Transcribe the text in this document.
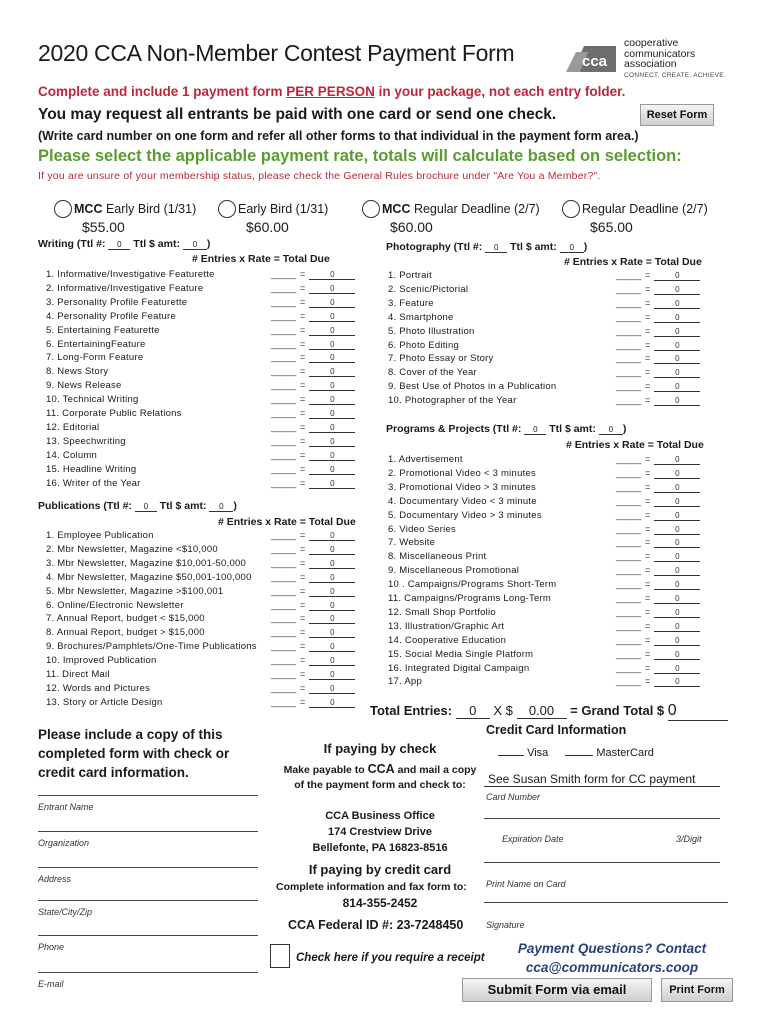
2020 CCA Non-Member Contest Payment Form	cca
cooperative
communicators
association
CONNECT. CREATE. ACHIEVE.
Complete and include 1 payment form PER PERSON in your package, not each entry folder.
You may request all entrants be paid with one card or send one check.	Reset Form
(Write card number on one form and refer all other forms to that individual in the payment form area.)
Please select the applicable payment rate, totals will calculate based on selection:
If you are unsure of your membership status, please check the General Rules brochure under "Are You a Member?".
MCC Early Bird (1/31)
$55.00
Early Bird (1/31)
$60.00
MCC Regular Deadline (2/7)
$60.00
Regular Deadline (2/7)
$65.00
Writing (Ttl #: 0 Ttl $ amt: 0 )
# Entries x Rate = Total Due
1. Informative/Investigative Featurette	_____ =	0
2. Informative/Investigative Feature	_____ =	0
3. Personality Profile Featurette	_____ =	0
4. Personality Profile Feature	_____ =	0
5. Entertaining Featurette	_____ =	0
6. EntertainingFeature	_____ =	0
7. Long-Form Feature	_____ =	0
8. News Story	_____ =	0
9. News Release	_____ =	0
10. Technical Writing	_____ =	0
11. Corporate Public Relations	_____ =	0
12. Editorial	_____ =	0
13. Speechwriting	_____ =	0
14. Column	_____ =	0
15. Headline Writing	_____ =	0
16. Writer of the Year	_____ =	0
Publications (Ttl #: 0 Ttl $ amt: 0 )
# Entries x Rate = Total Due
1. Employee Publication	_____ =	0
2. Mbr Newsletter, Magazine <$10,000	_____ =	0
3. Mbr Newsletter, Magazine $10,001-50,000	_____ =	0
4. Mbr Newsletter, Magazine $50,001-100,000 _____ =	0
5. Mbr Newsletter, Magazine >$100,001	_____ =	0
6. Online/Electronic Newsletter	_____ =	0
7. Annual Report, budget < $15,000	_____ =	0
8. Annual Report, budget > $15,000	_____ =	0
9. Brochures/Pamphlets/One-Time Publications _____ =	0
10. Improved Publication	_____ =	0
11. Direct Mail	_____ =	0
12. Words and Pictures	_____ =	0
13. Story or Article Design	_____ =	0
Photography (Ttl #: 0 Ttl $ amt: 0 )
# Entries x Rate = Total Due
1. Portrait	_____ =	0
2. Scenic/Pictorial	_____ =	0
3. Feature	_____ =	0
4. Smartphone	_____ =	0
5. Photo Illustration	_____ =	0
6. Photo Editing	_____ =	0
7. Photo Essay or Story	_____ =	0
8. Cover of the Year	_____ =	0
9. Best Use of Photos in a Publication	_____ =	0
10. Photographer of the Year	_____ =	0
Programs & Projects (Ttl #: 0 Ttl $ amt: 0 )
# Entries x Rate = Total Due
1. Advertisement	_____ =	0
2. Promotional Video < 3 minutes	_____ =	0
3. Promotional Video > 3 minutes	_____ =	0
4. Documentary Video < 3 minute	_____ =	0
5. Documentary Video > 3 minutes	_____ =	0
6. Video Series	_____ =	0
7. Website	_____ =	0
8. Miscellaneous Print	_____ =	0
9. Miscellaneous Promotional	_____ =	0
10 . Campaigns/Programs Short-Term	_____ =	0
11. Campaigns/Programs Long-Term	_____ =	0
12. Small Shop Portfolio	_____ =	0
13. Illustration/Graphic Art	_____ =	0
14. Cooperative Education	_____ =	0
15. Social Media Single Platform	_____ =	0
16. Integrated Digital Campaign	_____ =	0
17. App	_____ =	0
Total Entries: 0 X $ 0.00 = Grand Total $ 0
Please include a copy of this
completed form with check or
credit card information.
Entrant Name
Organization
Address
State/City/Zip
Phone
E-mail
If paying by check
Make payable to CCA and mail a copy
of the payment form and check to:
CCA Business Office
174 Crestview Drive
Bellefonte, PA 16823-8516
If paying by credit card
Complete information and fax form to:
814-355-2452
CCA Federal ID #: 23-7248450
Check here if you require a receipt
Credit Card Information
Visa	MasterCard
See Susan Smith form for CC payment
Card Number
Expiration Date	3/Digit
Print Name on Card
Signature
Payment Questions? Contact
cca@communicators.coop
Submit Form via email	Print Form
